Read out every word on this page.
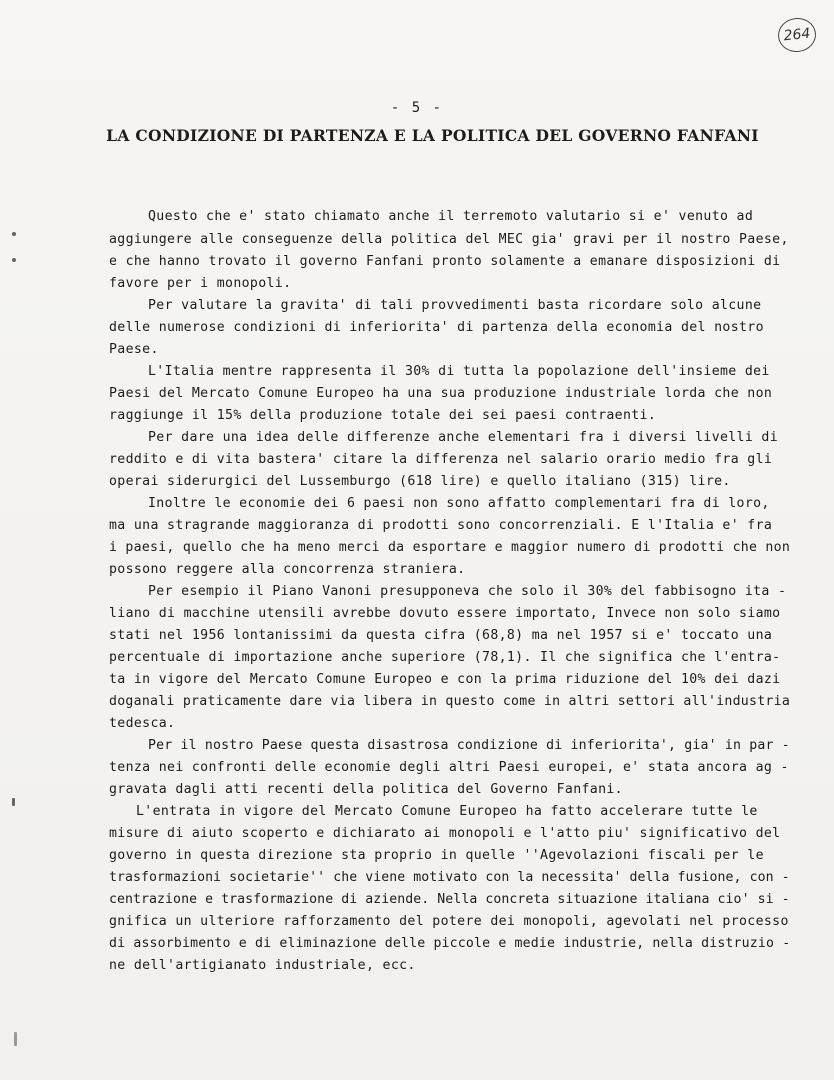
264
- 5 -
LA CONDIZIONE DI PARTENZA E LA POLITICA DEL GOVERNO FANFANI
Questo che e' stato chiamato anche il terremoto valutario si e' venuto ad
aggiungere alle conseguenze della politica del MEC gia' gravi per il nostro Paese,
e che hanno trovato il governo Fanfani pronto solamente a emanare disposizioni di
favore per i monopoli.
Per valutare la gravita' di tali provvedimenti basta ricordare solo alcune
delle numerose condizioni di inferiorita' di partenza della economia del nostro
Paese.
L'Italia mentre rappresenta il 30% di tutta la popolazione dell'insieme dei
Paesi del Mercato Comune Europeo ha una sua produzione industriale lorda che non
raggiunge il 15% della produzione totale dei sei paesi contraenti.
Per dare una idea delle differenze anche elementari fra i diversi livelli di
reddito e di vita bastera' citare la differenza nel salario orario medio fra gli
operai siderurgici del Lussemburgo (618 lire) e quello italiano (315) lire.
Inoltre le economie dei 6 paesi non sono affatto complementari fra di loro,
ma una stragrande maggioranza di prodotti sono concorrenziali. E l'Italia e' fra
i paesi, quello che ha meno merci da esportare e maggior numero di prodotti che non
possono reggere alla concorrenza straniera.
Per esempio il Piano Vanoni presupponeva che solo il 30% del fabbisogno ita -
liano di macchine utensili avrebbe dovuto essere importato, Invece non solo siamo
stati nel 1956 lontanissimi da questa cifra (68,8) ma nel 1957 si e' toccato una
percentuale di importazione anche superiore (78,1). Il che significa che l'entra-
ta in vigore del Mercato Comune Europeo e con la prima riduzione del 10% dei dazi
doganali praticamente dare via libera in questo come in altri settori all'industria
tedesca.
Per il nostro Paese questa disastrosa condizione di inferiorita', gia' in par -
tenza nei confronti delle economie degli altri Paesi europei, e' stata ancora ag -
gravata dagli atti recenti della politica del Governo Fanfani.
L'entrata in vigore del Mercato Comune Europeo ha fatto accelerare tutte le
misure di aiuto scoperto e dichiarato ai monopoli e l'atto piu' significativo del
governo in questa direzione sta proprio in quelle ''Agevolazioni fiscali per le
trasformazioni societarie'' che viene motivato con la necessita' della fusione, con -
centrazione e trasformazione di aziende. Nella concreta situazione italiana cio' si -
gnifica un ulteriore rafforzamento del potere dei monopoli, agevolati nel processo
di assorbimento e di eliminazione delle piccole e medie industrie, nella distruzio -
ne dell'artigianato industriale, ecc.
